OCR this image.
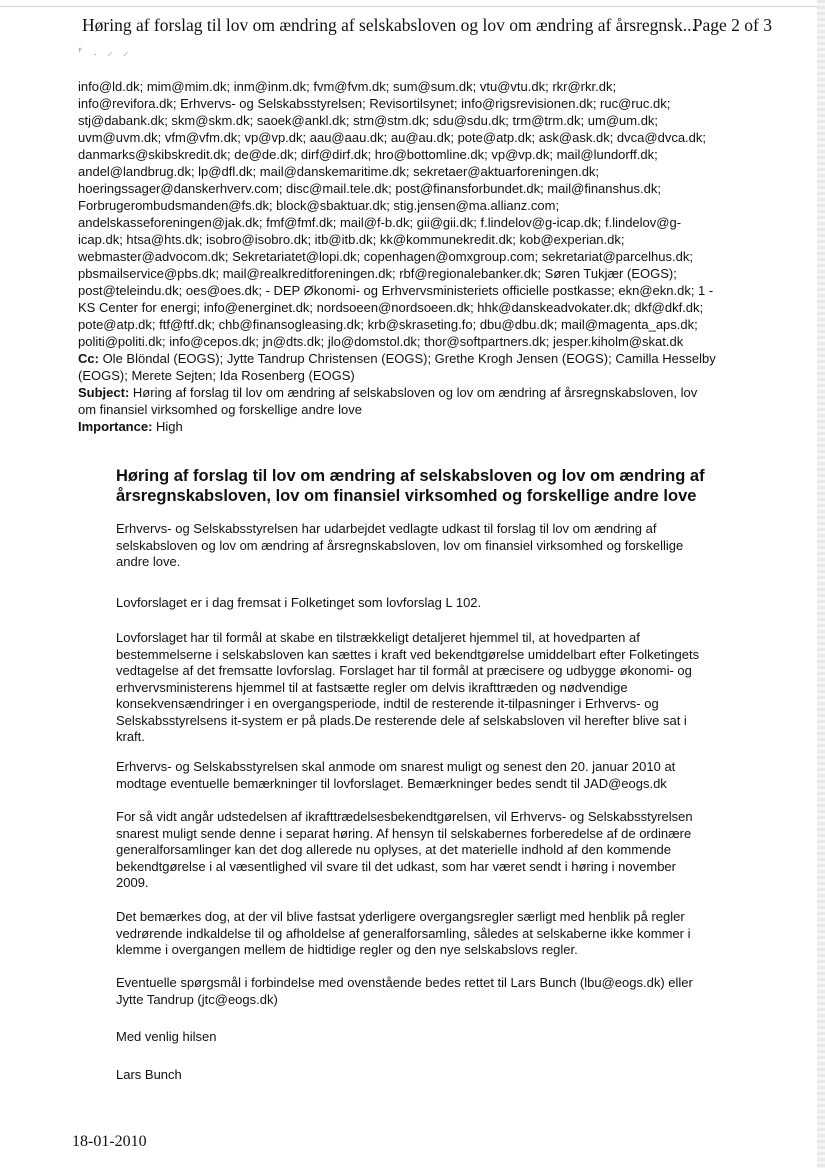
Høring af forslag til lov om ændring af selskabsloven og lov om ændring af årsregnsk...
Page 2 of 3
⸁ . ⸝ ⸝
info@ld.dk; mim@mim.dk; inm@inm.dk; fvm@fvm.dk; sum@sum.dk; vtu@vtu.dk; rkr@rkr.dk;
info@revifora.dk; Erhvervs- og Selskabsstyrelsen; Revisortilsynet; info@rigsrevisionen.dk; ruc@ruc.dk;
stj@dabank.dk; skm@skm.dk; saoek@ankl.dk; stm@stm.dk; sdu@sdu.dk; trm@trm.dk; um@um.dk;
uvm@uvm.dk; vfm@vfm.dk; vp@vp.dk; aau@aau.dk; au@au.dk; pote@atp.dk; ask@ask.dk; dvca@dvca.dk;
danmarks@skibskredit.dk; de@de.dk; dirf@dirf.dk; hro@bottomline.dk; vp@vp.dk; mail@lundorff.dk;
andel@landbrug.dk; lp@dfl.dk; mail@danskemaritime.dk; sekretaer@aktuarforeningen.dk;
hoeringssager@danskerhverv.com; disc@mail.tele.dk; post@finansforbundet.dk; mail@finanshus.dk;
Forbrugerombudsmanden@fs.dk; block@sbaktuar.dk; stig.jensen@ma.allianz.com;
andelskasseforeningen@jak.dk; fmf@fmf.dk; mail@f-b.dk; gii@gii.dk; f.lindelov@g-icap.dk; f.lindelov@g-
icap.dk; htsa@hts.dk; isobro@isobro.dk; itb@itb.dk; kk@kommunekredit.dk; kob@experian.dk;
webmaster@advocom.dk; Sekretariatet@lopi.dk; copenhagen@omxgroup.com; sekretariat@parcelhus.dk;
pbsmailservice@pbs.dk; mail@realkreditforeningen.dk; rbf@regionalebanker.dk; Søren Tukjær (EOGS);
post@teleindu.dk; oes@oes.dk; - DEP Økonomi- og Erhvervsministeriets officielle postkasse; ekn@ekn.dk; 1 -
KS Center for energi; info@energinet.dk; nordsoeen@nordsoeen.dk; hhk@danskeadvokater.dk; dkf@dkf.dk;
pote@atp.dk; ftf@ftf.dk; chb@finansogleasing.dk; krb@skraseting.fo; dbu@dbu.dk; mail@magenta_aps.dk;
politi@politi.dk; info@cepos.dk; jn@dts.dk; jlo@domstol.dk; thor@softpartners.dk; jesper.kiholm@skat.dk
Cc: Ole Blöndal (EOGS); Jytte Tandrup Christensen (EOGS); Grethe Krogh Jensen (EOGS); Camilla Hesselby
(EOGS); Merete Sejten; Ida Rosenberg (EOGS)
Subject: Høring af forslag til lov om ændring af selskabsloven og lov om ændring af årsregnskabsloven, lov
om finansiel virksomhed og forskellige andre love
Importance: High
Høring af forslag til lov om ændring af selskabsloven og lov om ændring af
årsregnskabsloven, lov om finansiel virksomhed og forskellige andre love
Erhvervs- og Selskabsstyrelsen har udarbejdet vedlagte udkast til forslag til lov om ændring af
selskabsloven og lov om ændring af årsregnskabsloven, lov om finansiel virksomhed og forskellige
andre love.
Lovforslaget er i dag fremsat i Folketinget som lovforslag L 102.
Lovforslaget har til formål at skabe en tilstrækkeligt detaljeret hjemmel til, at hovedparten af
bestemmelserne i selskabsloven kan sættes i kraft ved bekendtgørelse umiddelbart efter Folketingets
vedtagelse af det fremsatte lovforslag. Forslaget har til formål at præcisere og udbygge økonomi- og
erhvervsministerens hjemmel til at fastsætte regler om delvis ikrafttræden og nødvendige
konsekvensændringer i en overgangsperiode, indtil de resterende it-tilpasninger i Erhvervs- og
Selskabsstyrelsens it-system er på plads.De resterende dele af selskabsloven vil herefter blive sat i
kraft.
Erhvervs- og Selskabsstyrelsen skal anmode om snarest muligt og senest den 20. januar 2010 at
modtage eventuelle bemærkninger til lovforslaget. Bemærkninger bedes sendt til JAD@eogs.dk
For så vidt angår udstedelsen af ikrafttrædelsesbekendtgørelsen, vil Erhvervs- og Selskabsstyrelsen
snarest muligt sende denne i separat høring. Af hensyn til selskabernes forberedelse af de ordinære
generalforsamlinger kan det dog allerede nu oplyses, at det materielle indhold af den kommende
bekendtgørelse i al væsentlighed vil svare til det udkast, som har været sendt i høring i november
2009.
Det bemærkes dog, at der vil blive fastsat yderligere overgangsregler særligt med henblik på regler
vedrørende indkaldelse til og afholdelse af generalforsamling, således at selskaberne ikke kommer i
klemme i overgangen mellem de hidtidige regler og den nye selskabslovs regler.
Eventuelle spørgsmål i forbindelse med ovenstående bedes rettet til Lars Bunch (lbu@eogs.dk) eller
Jytte Tandrup (jtc@eogs.dk)
Med venlig hilsen
Lars Bunch
18-01-2010
